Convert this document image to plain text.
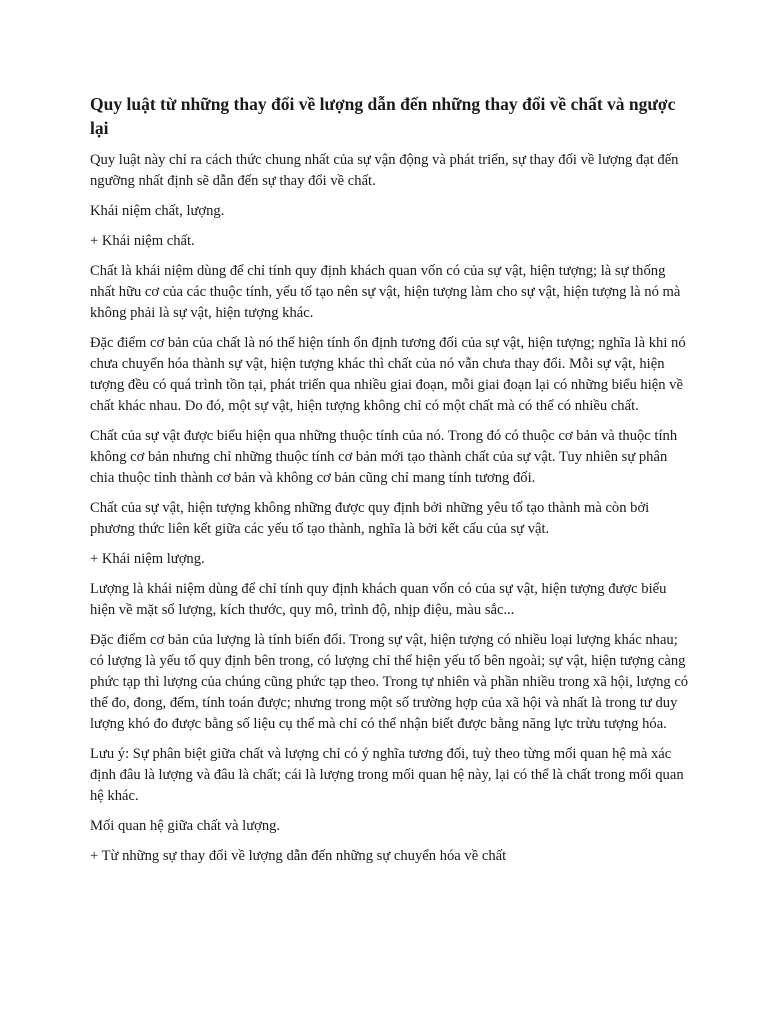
Quy luật từ những thay đổi về lượng dẫn đến những thay đổi về chất và ngược lại

Quy luật này chỉ ra cách thức chung nhất của sự vận động và phát triển, sự thay đổi về lượng đạt đến ngưỡng nhất định sẽ dẫn đến sự thay đổi về chất.

Khái niệm chất, lượng.

+ Khái niệm chất.

Chất là khái niệm dùng để chỉ tính quy định khách quan vốn có của sự vật, hiện tượng; là sự thống nhất hữu cơ của các thuộc tính, yếu tố tạo nên sự vật, hiện tượng làm cho sự vật, hiện tượng là nó mà không phải là sự vật, hiện tượng khác.

Đặc điểm cơ bản của chất là nó thể hiện tính ổn định tương đối của sự vật, hiện tượng; nghĩa là khi nó chưa chuyển hóa thành sự vật, hiện tượng khác thì chất của nó vẫn chưa thay đổi. Mỗi sự vật, hiện tượng đều có quá trình tồn tại, phát triển qua nhiều giai đoạn, mỗi giai đoạn lại có những biểu hiện về chất khác nhau. Do đó, một sự vật, hiện tượng không chỉ có một chất mà có thể có nhiều chất.

Chất của sự vật được biểu hiện qua những thuộc tính của nó. Trong đó có thuộc cơ bản và thuộc tính không cơ bản nhưng chỉ những thuộc tính cơ bản mới tạo thành chất của sự vật. Tuy nhiên sự phân chia thuộc tỉnh thành cơ bản và không cơ bản cũng chỉ mang tính tương đối.

Chất của sự vật, hiện tượng không những được quy định bởi những yêu tố tạo thành mà còn bởi phương thức liên kết giữa các yếu tố tạo thành, nghĩa là bởi kết cấu của sự vật.

+ Khái niệm lượng.

Lượng là khái niệm dùng để chỉ tính quy định khách quan vốn có của sự vật, hiện tượng được biểu hiện về mặt số lượng, kích thước, quy mô, trình độ, nhịp điệu, màu sắc...

Đặc điểm cơ bản của lượng là tính biến đổi. Trong sự vật, hiện tượng có nhiều loại lượng khác nhau; có lượng là yếu tố quy định bên trong, có lượng chỉ thể hiện yếu tố bên ngoài; sự vật, hiện tượng càng phức tạp thì lượng của chúng cũng phức tạp theo. Trong tự nhiên và phần nhiều trong xã hội, lượng có thể đo, đong, đếm, tính toán được; nhưng trong một số trường hợp của xã hội và nhất là trong tư duy lượng khó đo được bằng số liệu cụ thể mà chỉ có thể nhận biết được bằng năng lực trừu tượng hóa.

Lưu ý: Sự phân biệt giữa chất và lượng chỉ có ý nghĩa tương đối, tuỳ theo từng mối quan hệ mà xác định đâu là lượng và đâu là chất; cái là lượng trong mối quan hệ này, lại có thể là chất trong mối quan hệ khác.

Mối quan hệ giữa chất và lượng.

+ Từ những sự thay đổi về lượng dẫn đến những sự chuyển hóa về chất
